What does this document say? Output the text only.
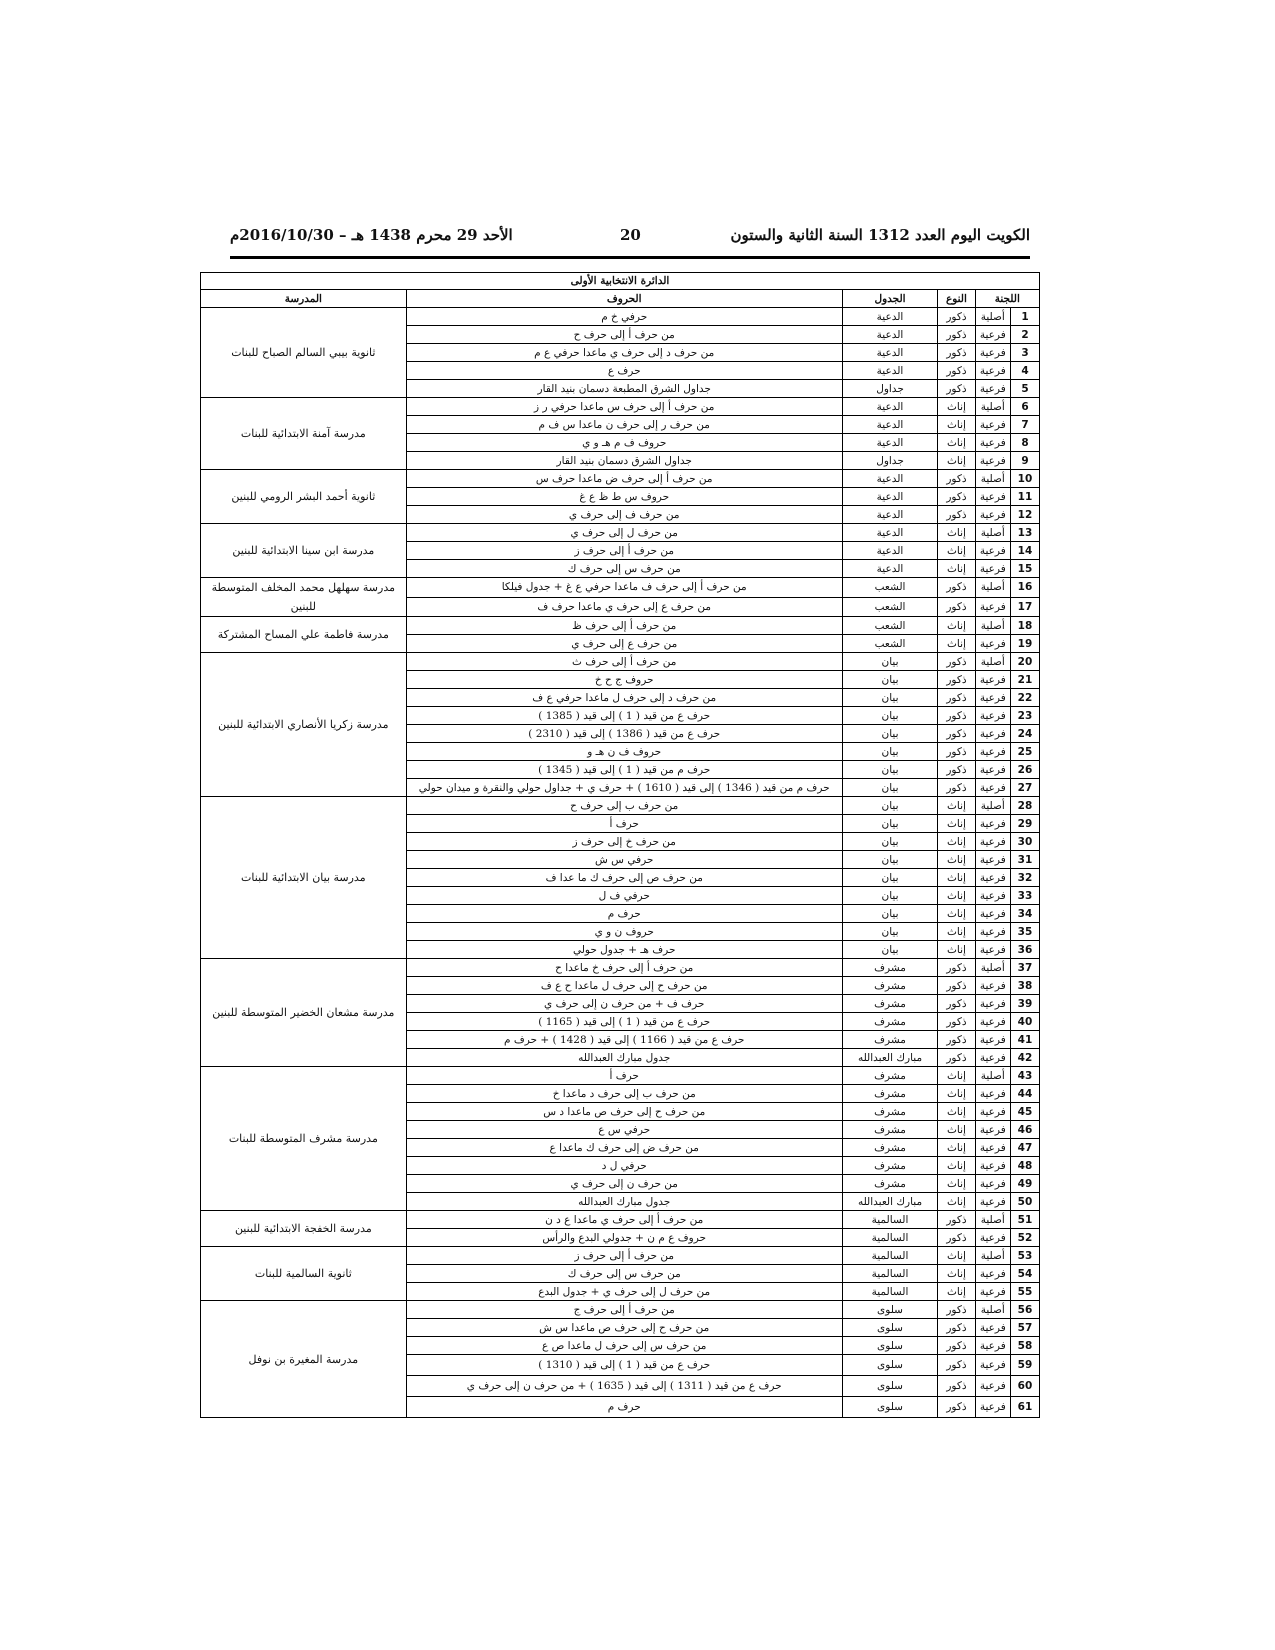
الكويت اليوم العدد 1312 السنة الثانية والستون
20
الأحد 29 محرم 1438 هـ – 2016/10/30م
الدائرة الانتخابية الأولى					
اللجنة		النوع	الجدول	الحروف	المدرسة
1	أصلية	ذكور	الدعية	حرفي خ م	ثانوية بيبي السالم الصباح للبنات
2	فرعية	ذكور	الدعية	من حرف أ إلى حرف ح	
3	فرعية	ذكور	الدعية	من حرف د إلى حرف ي ماعدا حرفي ع م	
4	فرعية	ذكور	الدعية	حرف ع	
5	فرعية	ذكور	جداول	جداول الشرق المطبعة دسمان بنيد القار	
6	أصلية	إناث	الدعية	من حرف أ إلى حرف س ماعدا حرفي ر ز	مدرسة آمنة الابتدائية للبنات
7	فرعية	إناث	الدعية	من حرف ر إلى حرف ن ماعدا س ف م	
8	فرعية	إناث	الدعية	حروف ف م هـ و ي	
9	فرعية	إناث	جداول	جداول الشرق دسمان بنيد القار	
10	أصلية	ذكور	الدعية	من حرف أ إلى حرف ض ماعدا حرف س	ثانوية أحمد البشر الرومي للبنين
11	فرعية	ذكور	الدعية	حروف س ط ظ ع غ	
12	فرعية	ذكور	الدعية	من حرف ف إلى حرف ي	
13	أصلية	إناث	الدعية	من حرف ل إلى حرف ي	مدرسة ابن سينا الابتدائية للبنين
14	فرعية	إناث	الدعية	من حرف أ إلى حرف ز	
15	فرعية	إناث	الدعية	من حرف س إلى حرف ك	
16	أصلية	ذكور	الشعب	من حرف أ إلى حرف ف ماعدا حرفي ع غ + جدول فيلكا	مدرسة سهلهل محمد المخلف المتوسطة للبنين
17	فرعية	ذكور	الشعب	من حرف ع إلى حرف ي ماعدا حرف ف	
18	أصلية	إناث	الشعب	من حرف أ إلى حرف ظ	مدرسة فاطمة علي المساح المشتركة
19	فرعية	إناث	الشعب	من حرف ع إلى حرف ي	
20	أصلية	ذكور	بيان	من حرف أ إلى حرف ث	مدرسة زكريا الأنصاري الابتدائية للبنين
21	فرعية	ذكور	بيان	حروف ج ح خ	
22	فرعية	ذكور	بيان	من حرف د إلى حرف ل ماعدا حرفي ع ف	
23	فرعية	ذكور	بيان	حرف ع من قيد ( 1 ) إلى قيد ( 1385 )	
24	فرعية	ذكور	بيان	حرف ع من قيد ( 1386 ) إلى قيد ( 2310 )	
25	فرعية	ذكور	بيان	حروف ف ن هـ و	
26	فرعية	ذكور	بيان	حرف م من قيد ( 1 ) إلى قيد ( 1345 )	
27	فرعية	ذكور	بيان	حرف م من قيد ( 1346 ) إلى قيد ( 1610 ) + حرف ي + جداول حولي والنقرة و ميدان حولي	
28	أصلية	إناث	بيان	من حرف ب إلى حرف ح	مدرسة بيان الابتدائية للبنات
29	فرعية	إناث	بيان	حرف أ	
30	فرعية	إناث	بيان	من حرف خ إلى حرف ز	
31	فرعية	إناث	بيان	حرفي س ش	
32	فرعية	إناث	بيان	من حرف ص إلى حرف ك ما عدا ف	
33	فرعية	إناث	بيان	حرفي ف ل	
34	فرعية	إناث	بيان	حرف م	
35	فرعية	إناث	بيان	حروف ن و ي	
36	فرعية	إناث	بيان	حرف هـ + جدول حولي	
37	أصلية	ذكور	مشرف	من حرف أ إلى حرف خ ماعدا ح	مدرسة مشعان الخضير المتوسطة للبنين
38	فرعية	ذكور	مشرف	من حرف ح إلى حرف ل ماعدا ح ع ف	
39	فرعية	ذكور	مشرف	حرف ف + من حرف ن إلى حرف ي	
40	فرعية	ذكور	مشرف	حرف ع من قيد ( 1 ) إلى قيد ( 1165 )	
41	فرعية	ذكور	مشرف	حرف ع من قيد ( 1166 ) إلى قيد ( 1428 ) + حرف م	
42	فرعية	ذكور	مبارك العبدالله	جدول مبارك العبدالله	
43	أصلية	إناث	مشرف	حرف أ	مدرسة مشرف المتوسطة للبنات
44	فرعية	إناث	مشرف	من حرف ب إلى حرف د ماعدا خ	
45	فرعية	إناث	مشرف	من حرف ح إلى حرف ص ماعدا د س	
46	فرعية	إناث	مشرف	حرفي س ع	
47	فرعية	إناث	مشرف	من حرف ض إلى حرف ك ماعدا ع	
48	فرعية	إناث	مشرف	حرفي ل د	
49	فرعية	إناث	مشرف	من حرف ن إلى حرف ي	
50	فرعية	إناث	مبارك العبدالله	جدول مبارك العبدالله	
51	أصلية	ذكور	السالمية	من حرف أ إلى حرف ي ماعدا ع د ن	مدرسة الخفجة الابتدائية للبنين
52	فرعية	ذكور	السالمية	حروف ع م ن + جدولي البدع والرأس	
53	أصلية	إناث	السالمية	من حرف أ إلى حرف ز	ثانوية السالمية للبنات
54	فرعية	إناث	السالمية	من حرف س إلى حرف ك	
55	فرعية	إناث	السالمية	من حرف ل إلى حرف ي + جدول البدع	
56	أصلية	ذكور	سلوى	من حرف أ إلى حرف ج	مدرسة المغيرة بن نوفل
57	فرعية	ذكور	سلوى	من حرف ح إلى حرف ص ماعدا س ش	
58	فرعية	ذكور	سلوى	من حرف س إلى حرف ل ماعدا ص ع	
59	فرعية	ذكور	سلوى	حرف ع من قيد ( 1 ) إلى قيد ( 1310 )	
60	فرعية	ذكور	سلوى	حرف ع من قيد ( 1311 ) إلى قيد ( 1635 ) + من حرف ن إلى حرف ي	
61	فرعية	ذكور	سلوى	حرف م	
